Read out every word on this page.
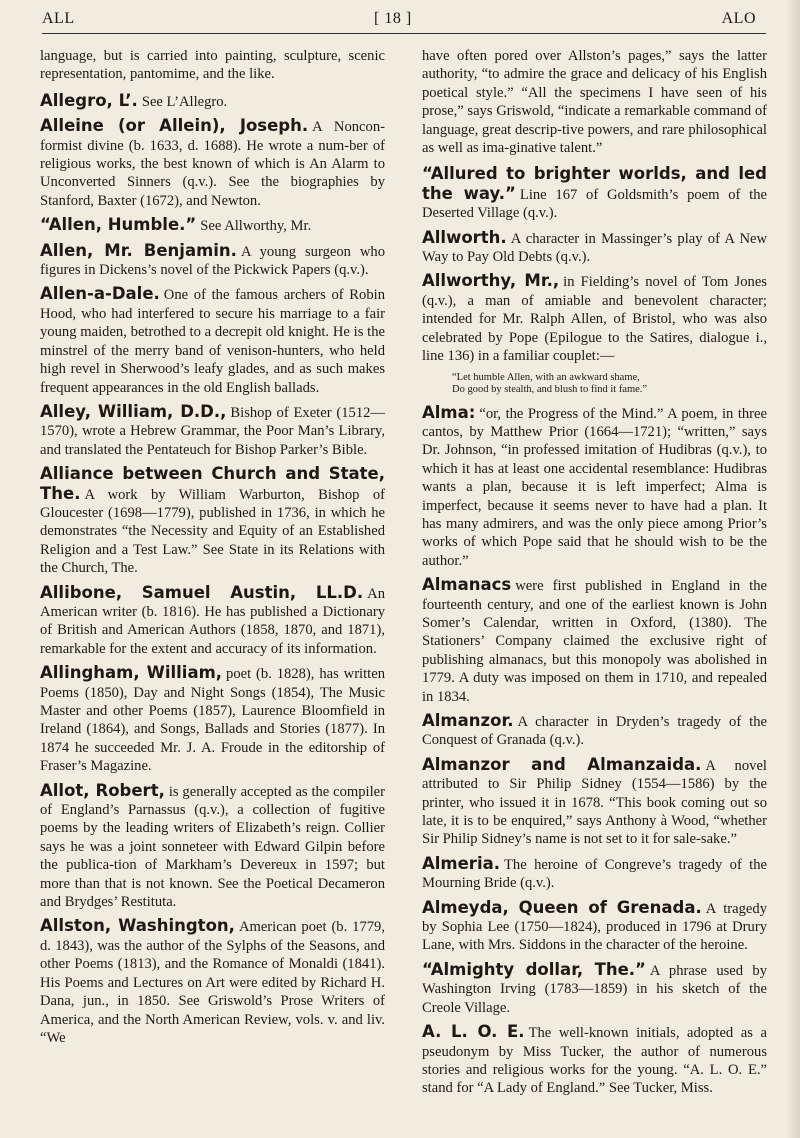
ALL	[ 18 ]	ALO

language, but is carried into painting, sculpture, scenic representation, pantomime, and the like.

Allegro, L’. See L’Allegro.

Alleine (or Allein), Joseph. A Noncon-formist divine (b. 1633, d. 1688). He wrote a num-ber of religious works, the best known of which is An Alarm to Unconverted Sinners (q.v.). See the biographies by Stanford, Baxter (1672), and Newton.

“Allen, Humble.” See Allworthy, Mr.

Allen, Mr. Benjamin. A young surgeon who figures in Dickens’s novel of the Pickwick Papers (q.v.).

Allen-a-Dale. One of the famous archers of Robin Hood, who had interfered to secure his marriage to a fair young maiden, betrothed to a decrepit old knight. He is the minstrel of the merry band of venison-hunters, who held high revel in Sherwood’s leafy glades, and as such makes frequent appearances in the old English ballads.

Alley, William, D.D., Bishop of Exeter (1512—1570), wrote a Hebrew Grammar, the Poor Man’s Library, and translated the Pentateuch for Bishop Parker’s Bible.

Alliance between Church and State, The. A work by William Warburton, Bishop of Gloucester (1698—1779), published in 1736, in which he demonstrates “the Necessity and Equity of an Established Religion and a Test Law.” See State in its Relations with the Church, The.

Allibone, Samuel Austin, LL.D. An American writer (b. 1816). He has published a Dictionary of British and American Authors (1858, 1870, and 1871), remarkable for the extent and accuracy of its information.

Allingham, William, poet (b. 1828), has written Poems (1850), Day and Night Songs (1854), The Music Master and other Poems (1857), Laurence Bloomfield in Ireland (1864), and Songs, Ballads and Stories (1877). In 1874 he succeeded Mr. J. A. Froude in the editorship of Fraser’s Magazine.

Allot, Robert, is generally accepted as the compiler of England’s Parnassus (q.v.), a collection of fugitive poems by the leading writers of Elizabeth’s reign. Collier says he was a joint sonneteer with Edward Gilpin before the publica-tion of Markham’s Devereux in 1597; but more than that is not known. See the Poetical Decameron and Brydges’ Restituta.

Allston, Washington, American poet (b. 1779, d. 1843), was the author of the Sylphs of the Seasons, and other Poems (1813), and the Romance of Monaldi (1841). His Poems and Lectures on Art were edited by Richard H. Dana, jun., in 1850. See Griswold’s Prose Writers of America, and the North American Review, vols. v. and liv. “We

have often pored over Allston’s pages,” says the latter authority, “to admire the grace and delicacy of his English poetical style.” “All the specimens I have seen of his prose,” says Griswold, “indicate a remarkable command of language, great descrip-tive powers, and rare philosophical as well as ima-ginative talent.”

“Allured to brighter worlds, and led the way.” Line 167 of Goldsmith’s poem of the Deserted Village (q.v.).

Allworth. A character in Massinger’s play of A New Way to Pay Old Debts (q.v.).

Allworthy, Mr., in Fielding’s novel of Tom Jones (q.v.), a man of amiable and benevolent character; intended for Mr. Ralph Allen, of Bristol, who was also celebrated by Pope (Epilogue to the Satires, dialogue i., line 136) in a familiar couplet:—

“Let humble Allen, with an awkward shame,
Do good by stealth, and blush to find it fame.”

Alma: “or, the Progress of the Mind.” A poem, in three cantos, by Matthew Prior (1664—1721); “written,” says Dr. Johnson, “in professed imitation of Hudibras (q.v.), to which it has at least one accidental resemblance: Hudibras wants a plan, because it is left imperfect; Alma is imperfect, because it seems never to have had a plan. It has many admirers, and was the only piece among Prior’s works of which Pope said that he should wish to be the author.”

Almanacs were first published in England in the fourteenth century, and one of the earliest known is John Somer’s Calendar, written in Oxford, (1380). The Stationers’ Company claimed the exclusive right of publishing almanacs, but this monopoly was abolished in 1779. A duty was imposed on them in 1710, and repealed in 1834.

Almanzor. A character in Dryden’s tragedy of the Conquest of Granada (q.v.).

Almanzor and Almanzaida. A novel attributed to Sir Philip Sidney (1554—1586) by the printer, who issued it in 1678. “This book coming out so late, it is to be enquired,” says Anthony à Wood, “whether Sir Philip Sidney’s name is not set to it for sale-sake.”

Almeria. The heroine of Congreve’s tragedy of the Mourning Bride (q.v.).

Almeyda, Queen of Grenada. A tragedy by Sophia Lee (1750—1824), produced in 1796 at Drury Lane, with Mrs. Siddons in the character of the heroine.

“Almighty dollar, The.” A phrase used by Washington Irving (1783—1859) in his sketch of the Creole Village.

A. L. O. E. The well-known initials, adopted as a pseudonym by Miss Tucker, the author of numerous stories and religious works for the young. “A. L. O. E.” stand for “A Lady of England.” See Tucker, Miss.
